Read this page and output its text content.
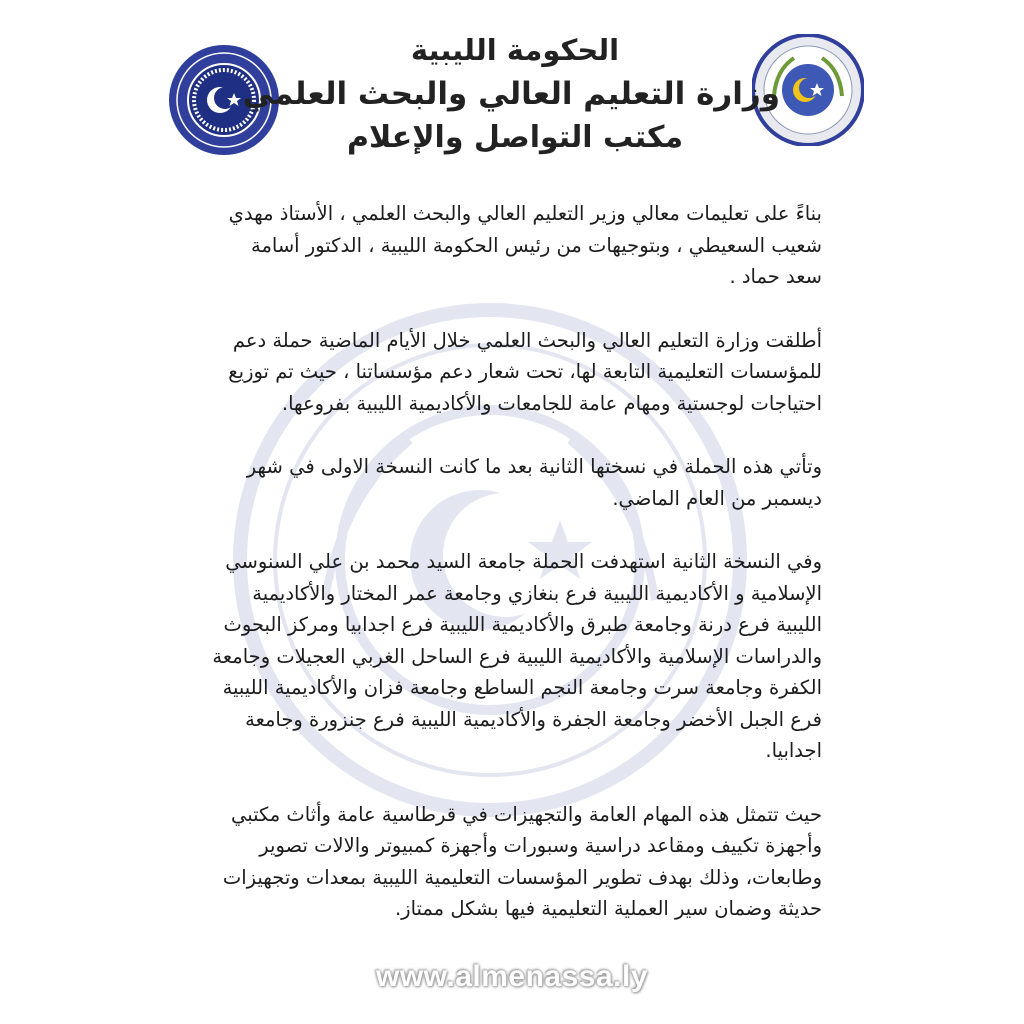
الحكومة الليبية
وزارة التعليم العالي والبحث العلمي
مكتب التواصل والإعلام

بناءً على تعليمات معالي وزير التعليم العالي والبحث العلمي ، الأستاذ مهدي شعيب السعيطي ، وبتوجيهات من رئيس الحكومة الليبية ، الدكتور أسامة سعد حماد .

أطلقت وزارة التعليم العالي والبحث العلمي خلال الأيام الماضية حملة دعم للمؤسسات التعليمية التابعة لها، تحت شعار دعم مؤسساتنا ، حيث تم توزيع احتياجات لوجستية ومهام عامة للجامعات والأكاديمية الليبية بفروعها.

وتأتي هذه الحملة في نسختها الثانية بعد ما كانت النسخة الاولى في شهر ديسمبر من العام الماضي.

وفي النسخة الثانية استهدفت الحملة جامعة السيد محمد بن علي السنوسي الإسلامية و الأكاديمية الليبية فرع بنغازي وجامعة عمر المختار والأكاديمية الليبية فرع درنة وجامعة طبرق والأكاديمية الليبية فرع اجدابيا ومركز البحوث والدراسات الإسلامية والأكاديمية الليبية فرع الساحل الغربي العجيلات وجامعة الكفرة وجامعة سرت وجامعة النجم الساطع وجامعة فزان والأكاديمية الليبية فرع الجبل الأخضر وجامعة الجفرة والأكاديمية الليبية فرع جنزورة وجامعة اجدابيا.

حيث تتمثل هذه المهام العامة والتجهيزات في قرطاسية عامة وأثاث مكتبي وأجهزة تكييف ومقاعد دراسية وسبورات وأجهزة كمبيوتر والالات تصوير وطابعات، وذلك بهدف تطوير المؤسسات التعليمية الليبية بمعدات وتجهيزات حديثة وضمان سير العملية التعليمية فيها بشكل ممتاز.

www.almenassa.ly
